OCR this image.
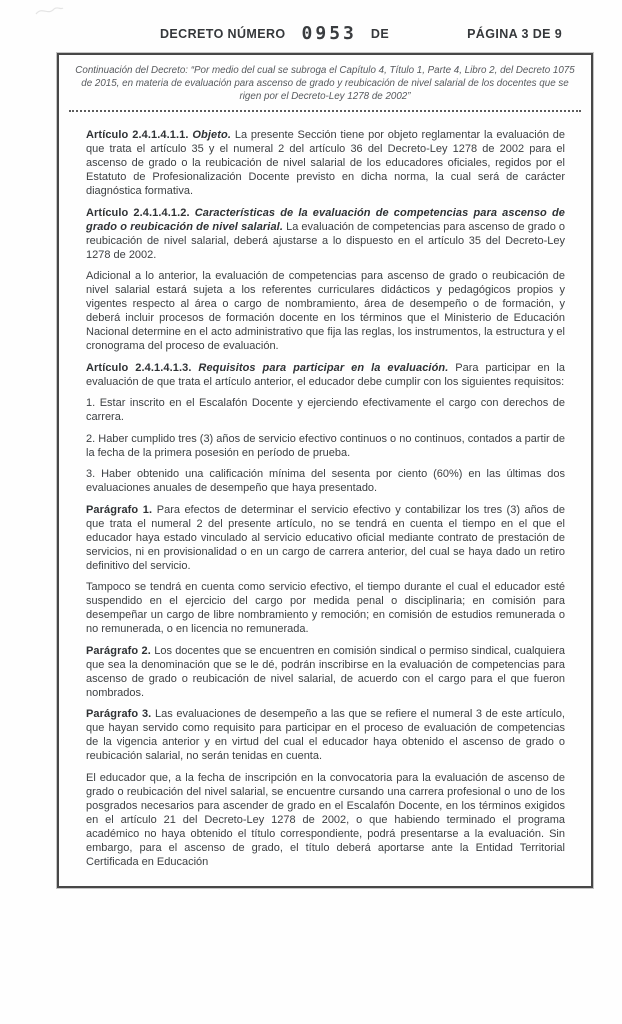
DECRETO NÚMERO 0953 DE	PÁGINA 3 DE 9
Continuación del Decreto: “Por medio del cual se subroga el Capítulo 4, Título 1, Parte 4, Libro 2, del Decreto 1075 de 2015, en materia de evaluación para ascenso de grado y reubicación de nivel salarial de los docentes que se rigen por el Decreto-Ley 1278 de 2002”

Artículo 2.4.1.4.1.1. Objeto. La presente Sección tiene por objeto reglamentar la evaluación de que trata el artículo 35 y el numeral 2 del artículo 36 del Decreto-Ley 1278 de 2002 para el ascenso de grado o la reubicación de nivel salarial de los educadores oficiales, regidos por el Estatuto de Profesionalización Docente previsto en dicha norma, la cual será de carácter diagnóstica formativa.

Artículo 2.4.1.4.1.2. Características de la evaluación de competencias para ascenso de grado o reubicación de nivel salarial. La evaluación de competencias para ascenso de grado o reubicación de nivel salarial, deberá ajustarse a lo dispuesto en el artículo 35 del Decreto-Ley 1278 de 2002.

Adicional a lo anterior, la evaluación de competencias para ascenso de grado o reubicación de nivel salarial estará sujeta a los referentes curriculares didácticos y pedagógicos propios y vigentes respecto al área o cargo de nombramiento, área de desempeño o de formación, y deberá incluir procesos de formación docente en los términos que el Ministerio de Educación Nacional determine en el acto administrativo que fija las reglas, los instrumentos, la estructura y el cronograma del proceso de evaluación.

Artículo 2.4.1.4.1.3. Requisitos para participar en la evaluación. Para participar en la evaluación de que trata el artículo anterior, el educador debe cumplir con los siguientes requisitos:

1. Estar inscrito en el Escalafón Docente y ejerciendo efectivamente el cargo con derechos de carrera.

2. Haber cumplido tres (3) años de servicio efectivo continuos o no continuos, contados a partir de la fecha de la primera posesión en período de prueba.

3. Haber obtenido una calificación mínima del sesenta por ciento (60%) en las últimas dos evaluaciones anuales de desempeño que haya presentado.

Parágrafo 1. Para efectos de determinar el servicio efectivo y contabilizar los tres (3) años de que trata el numeral 2 del presente artículo, no se tendrá en cuenta el tiempo en el que el educador haya estado vinculado al servicio educativo oficial mediante contrato de prestación de servicios, ni en provisionalidad o en un cargo de carrera anterior, del cual se haya dado un retiro definitivo del servicio.

Tampoco se tendrá en cuenta como servicio efectivo, el tiempo durante el cual el educador esté suspendido en el ejercicio del cargo por medida penal o disciplinaria; en comisión para desempeñar un cargo de libre nombramiento y remoción; en comisión de estudios remunerada o no remunerada, o en licencia no remunerada.

Parágrafo 2. Los docentes que se encuentren en comisión sindical o permiso sindical, cualquiera que sea la denominación que se le dé, podrán inscribirse en la evaluación de competencias para ascenso de grado o reubicación de nivel salarial, de acuerdo con el cargo para el que fueron nombrados.

Parágrafo 3. Las evaluaciones de desempeño a las que se refiere el numeral 3 de este artículo, que hayan servido como requisito para participar en el proceso de evaluación de competencias de la vigencia anterior y en virtud del cual el educador haya obtenido el ascenso de grado o reubicación salarial, no serán tenidas en cuenta.

El educador que, a la fecha de inscripción en la convocatoria para la evaluación de ascenso de grado o reubicación del nivel salarial, se encuentre cursando una carrera profesional o uno de los posgrados necesarios para ascender de grado en el Escalafón Docente, en los términos exigidos en el artículo 21 del Decreto-Ley 1278 de 2002, o que habiendo terminado el programa académico no haya obtenido el título correspondiente, podrá presentarse a la evaluación. Sin embargo, para el ascenso de grado, el título deberá aportarse ante la Entidad Territorial Certificada en Educación
